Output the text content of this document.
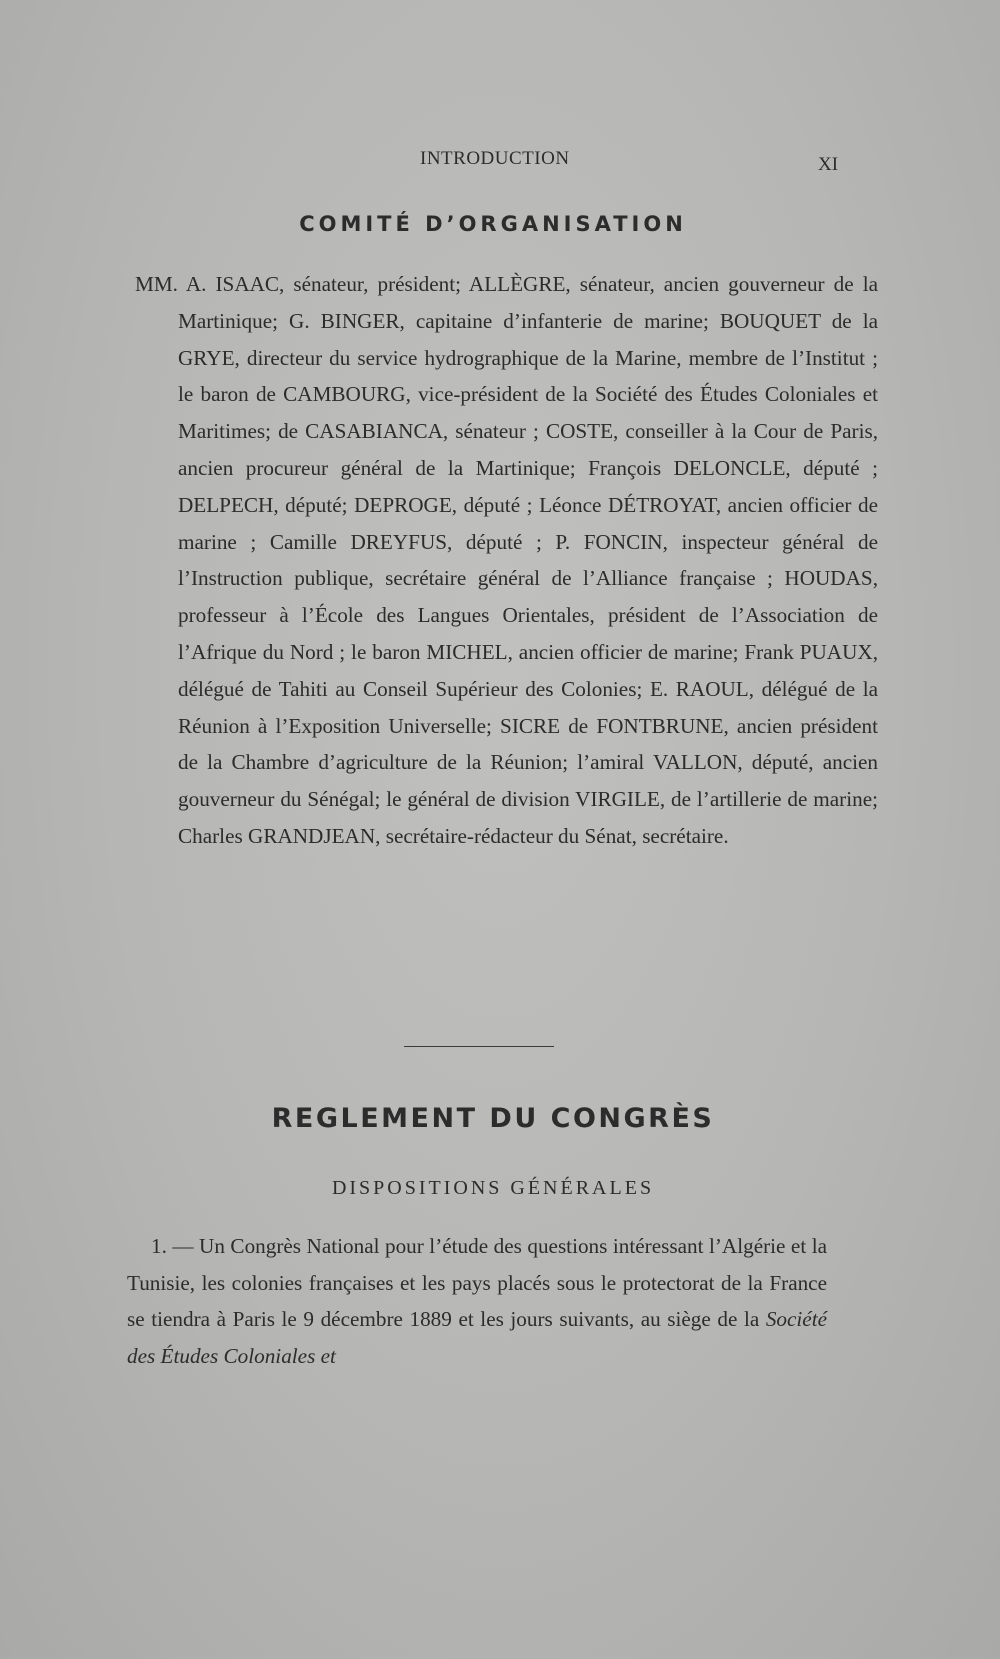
INTRODUCTION	XI
COMITÉ D’ORGANISATION

MM. A. ISAAC, sénateur, président; ALLÈGRE, sénateur, ancien gouverneur de la Martinique; G. BINGER, capitaine d’infanterie de marine; BOUQUET de la GRYE, directeur du service hydrographique de la Marine, membre de l’Institut ; le baron de CAMBOURG, vice-président de la Société des Études Coloniales et Maritimes; de CASABIANCA, sénateur ; COSTE, conseiller à la Cour de Paris, ancien procureur général de la Martinique; François DELONCLE, député ; DELPECH, député; DEPROGE, député ; Léonce DÉTROYAT, ancien officier de marine ; Camille DREYFUS, député ; P. FONCIN, inspecteur général de l’Instruction publique, secrétaire général de l’Alliance française ; HOUDAS, professeur à l’École des Langues Orientales, président de l’Association de l’Afrique du Nord ; le baron MICHEL, ancien officier de marine; Frank PUAUX, délégué de Tahiti au Conseil Supérieur des Colonies; E. RAOUL, délégué de la Réunion à l’Exposition Universelle; SICRE de FONTBRUNE, ancien président de la Chambre d’agriculture de la Réunion; l’amiral VALLON, député, ancien gouverneur du Sénégal; le général de division VIRGILE, de l’artillerie de marine; Charles GRANDJEAN, secrétaire-rédacteur du Sénat, secrétaire.

REGLEMENT DU CONGRÈS
DISPOSITIONS GÉNÉRALES

1. — Un Congrès National pour l’étude des questions intéressant l’Algérie et la Tunisie, les colonies françaises et les pays placés sous le protectorat de la France se tiendra à Paris le 9 décembre 1889 et les jours suivants, au siège de la Société des Études Coloniales et
